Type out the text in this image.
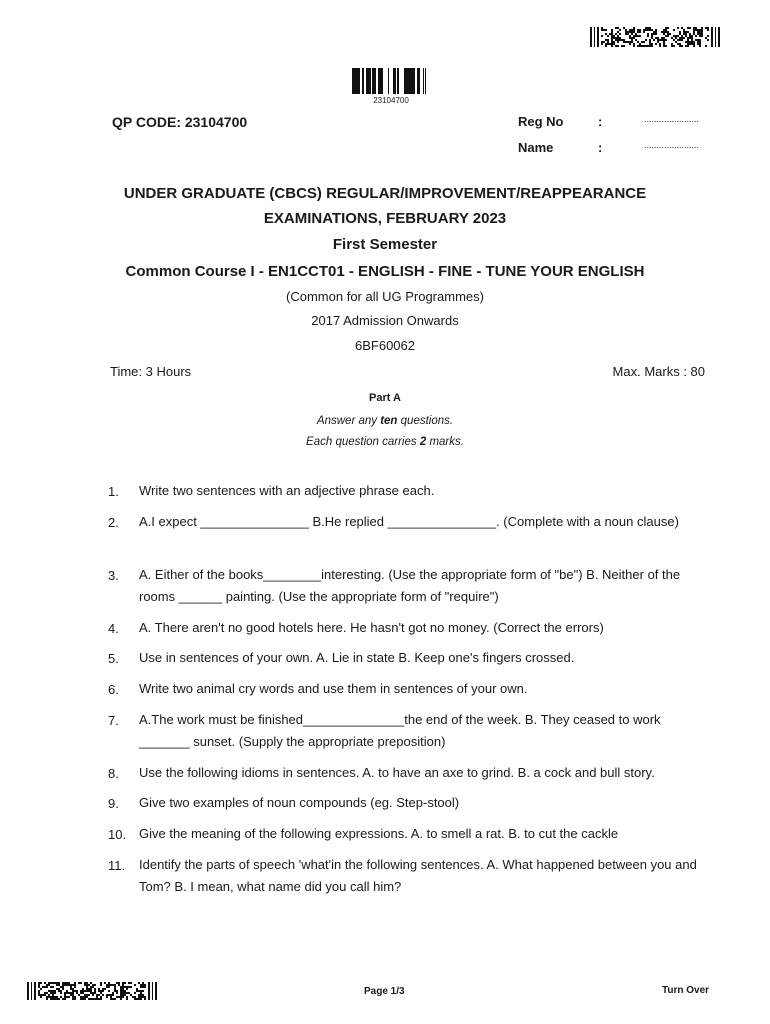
23104700
QP CODE: 23104700	Reg No	:	......................
Name	:	......................
UNDER GRADUATE (CBCS) REGULAR/IMPROVEMENT/REAPPEARANCE
EXAMINATIONS, FEBRUARY 2023
First Semester
Common Course I - EN1CCT01 - ENGLISH - FINE - TUNE YOUR ENGLISH
(Common for all UG Programmes)
2017 Admission Onwards
6BF60062
Time: 3 Hours	Max. Marks : 80
Part A
Answer any ten questions.
Each question carries 2 marks.
1. Write two sentences with an adjective phrase each.
2. A.I expect _______________ B.He replied _______________. (Complete with a noun clause)
3. A. Either of the books________interesting. (Use the appropriate form of "be") B. Neither of the rooms ______ painting. (Use the appropriate form of "require")
4. A. There aren't no good hotels here. He hasn't got no money. (Correct the errors)
5. Use in sentences of your own. A. Lie in state B. Keep one's fingers crossed.
6. Write two animal cry words and use them in sentences of your own.
7. A.The work must be finished______________the end of the week. B. They ceased to work _______ sunset. (Supply the appropriate preposition)
8. Use the following idioms in sentences. A. to have an axe to grind. B. a cock and bull story.
9. Give two examples of noun compounds (eg. Step-stool)
10. Give the meaning of the following expressions. A. to smell a rat. B. to cut the cackle
11. Identify the parts of speech 'what'in the following sentences. A. What happened between you and Tom? B. I mean, what name did you call him?
Page 1/3	Turn Over
